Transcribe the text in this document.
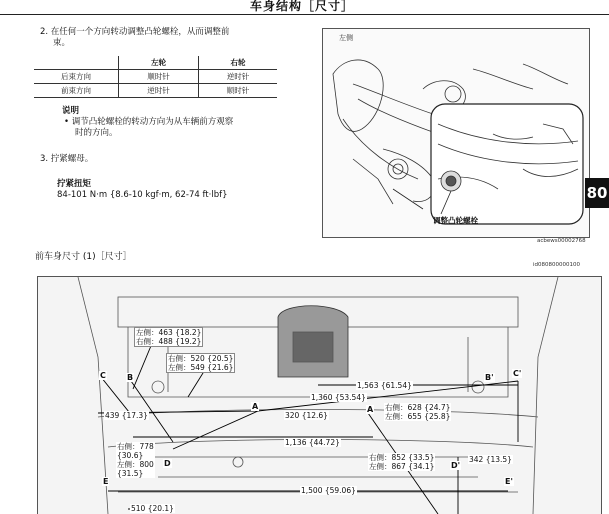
车身结构［尺寸］
2. 在任何一个方向转动调整凸轮螺栓，从而调整前
束。
	左轮	右轮
后束方向	顺时针	逆时针
前束方向	逆时针	顺时针
说明
• 调节凸轮螺栓的转动方向为从车辆前方观察
时的方向。
3. 拧紧螺母。
拧紧扭矩
84-101 N·m {8.6-10 kgf·m, 62-74 ft·lbf}
左侧
调整凸轮螺栓
acbews00002768
80
前车身尺寸 (1)［尺寸］
id080800000100
C	B
A	A
B' C'
D	D'
E	E'
左侧：463 {18.2}
右侧：488 {19.2}
右侧：520 {20.5}
左侧：549 {21.6}
1,563 {61.54}
1,360 {53.54}
439 {17.3}	320 {12.6}
右侧：628 {24.7}
左侧：655 {25.8}
右侧：778
{30.6}
左侧：800
{31.5}
1,136 {44.72}
右侧：852 {33.5}
左侧：867 {34.1}
342 {13.5}
1,500 {59.06}
510 {20.1}
